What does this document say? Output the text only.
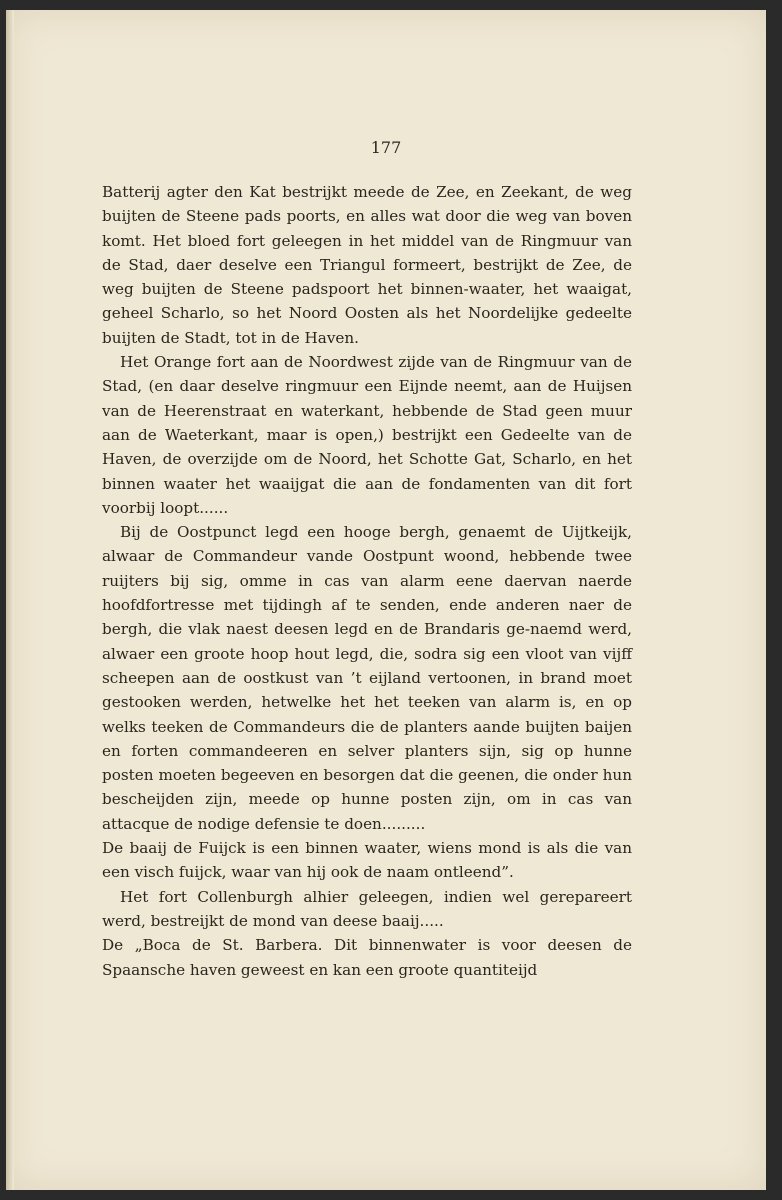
177

Batterij agter den Kat bestrijkt meede de Zee, en Zeekant, de weg buijten de Steene pads poorts, en alles wat door die weg van boven komt. Het bloed fort geleegen in het middel van de Ringmuur van de Stad, daer deselve een Triangul formeert, bestrijkt de Zee, de weg buijten de Steene padspoort het binnen-waater, het waaigat, geheel Scharlo, so het Noord Oosten als het Noordelijke gedeelte buijten de Stadt, tot in de Haven.

Het Orange fort aan de Noordwest zijde van de Ringmuur van de Stad, (en daar deselve ringmuur een Eijnde neemt, aan de Huijsen van de Heerenstraat en waterkant, hebbende de Stad geen muur aan de Waeterkant, maar is open,) bestrijkt een Gedeelte van de Haven, de overzijde om de Noord, het Schotte Gat, Scharlo, en het binnen waater het waaijgat die aan de fondamenten van dit fort voorbij loopt......

Bij de Oostpunct legd een hooge bergh, genaemt de Uijtkeijk, alwaar de Commandeur vande Oostpunt woond, hebbende twee ruijters bij sig, omme in cas van alarm eene daervan naerde hoofdfortresse met tijdingh af te senden, ende anderen naer de bergh, die vlak naest deesen legd en de Brandaris ge-naemd werd, alwaer een groote hoop hout legd, die, sodra sig een vloot van vijff scheepen aan de oostkust van ’t eijland vertoonen, in brand moet gestooken werden, hetwelke het het teeken van alarm is, en op welks teeken de Commandeurs die de planters aande buijten baijen en forten commandeeren en selver planters sijn, sig op hunne posten moeten begeeven en besorgen dat die geenen, die onder hun bescheijden zijn, meede op hunne posten zijn, om in cas van attacque de nodige defensie te doen.........

De baaij de Fuijck is een binnen waater, wiens mond is als die van een visch fuijck, waar van hij ook de naam ontleend”.

Het fort Collenburgh alhier geleegen, indien wel gerepareert werd, bestreijkt de mond van deese baaij.....

De „Boca de St. Barbera. Dit binnenwater is voor deesen de Spaansche haven geweest en kan een groote quantiteijd
